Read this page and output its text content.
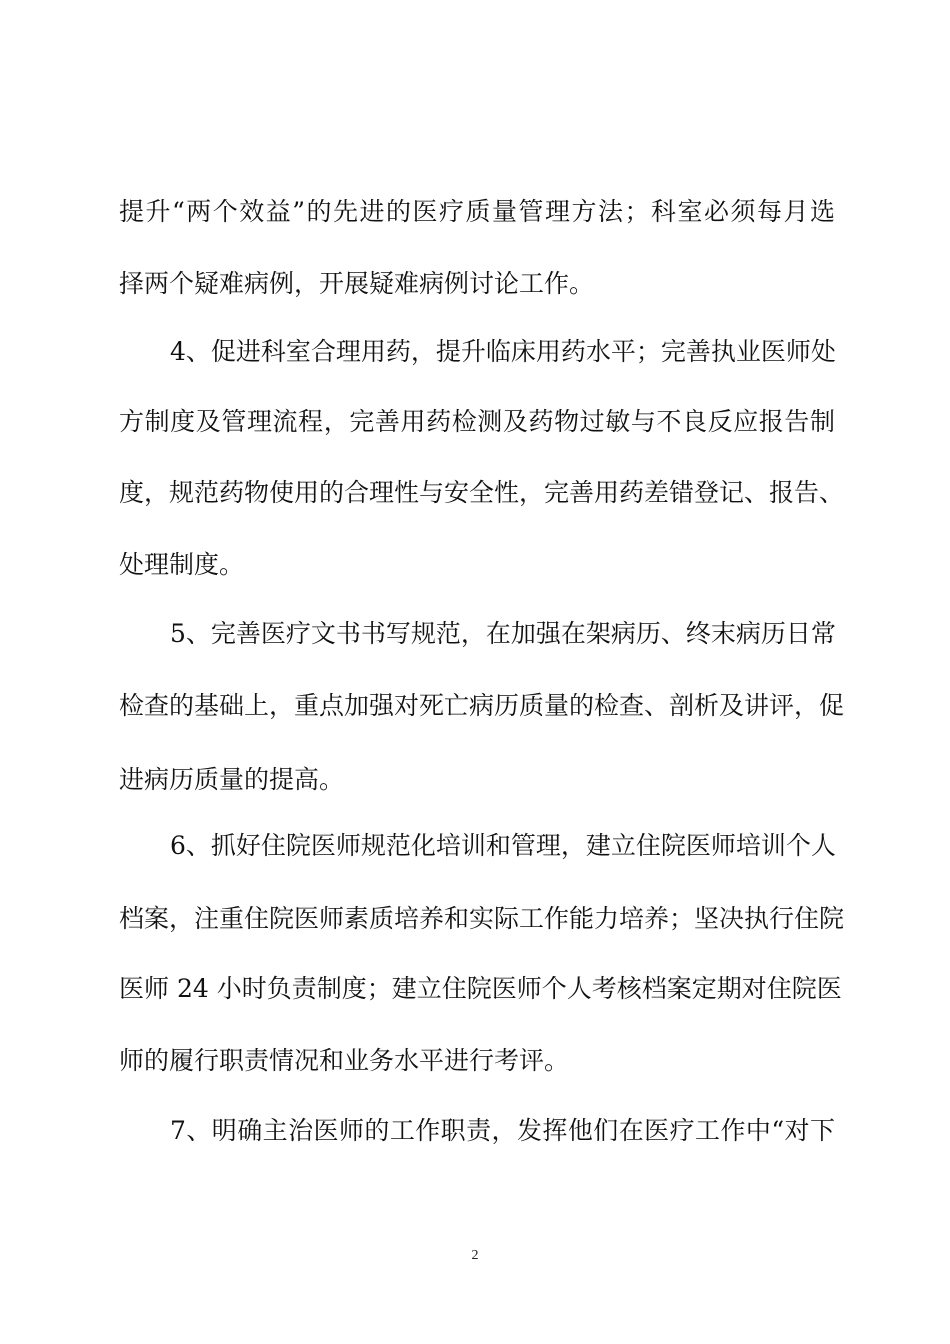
提升“两个效益”的先进的医疗质量管理方法；科室必须每月选
择两个疑难病例，开展疑难病例讨论工作。
4、促进科室合理用药，提升临床用药水平；完善执业医师处
方制度及管理流程，完善用药检测及药物过敏与不良反应报告制
度，规范药物使用的合理性与安全性，完善用药差错登记、报告、
处理制度。
5、完善医疗文书书写规范，在加强在架病历、终末病历日常
检查的基础上，重点加强对死亡病历质量的检查、剖析及讲评，促
进病历质量的提高。
6、抓好住院医师规范化培训和管理，建立住院医师培训个人
档案，注重住院医师素质培养和实际工作能力培养；坚决执行住院
医师 24 小时负责制度；建立住院医师个人考核档案定期对住院医
师的履行职责情况和业务水平进行考评。
7、明确主治医师的工作职责，发挥他们在医疗工作中“对下
2
